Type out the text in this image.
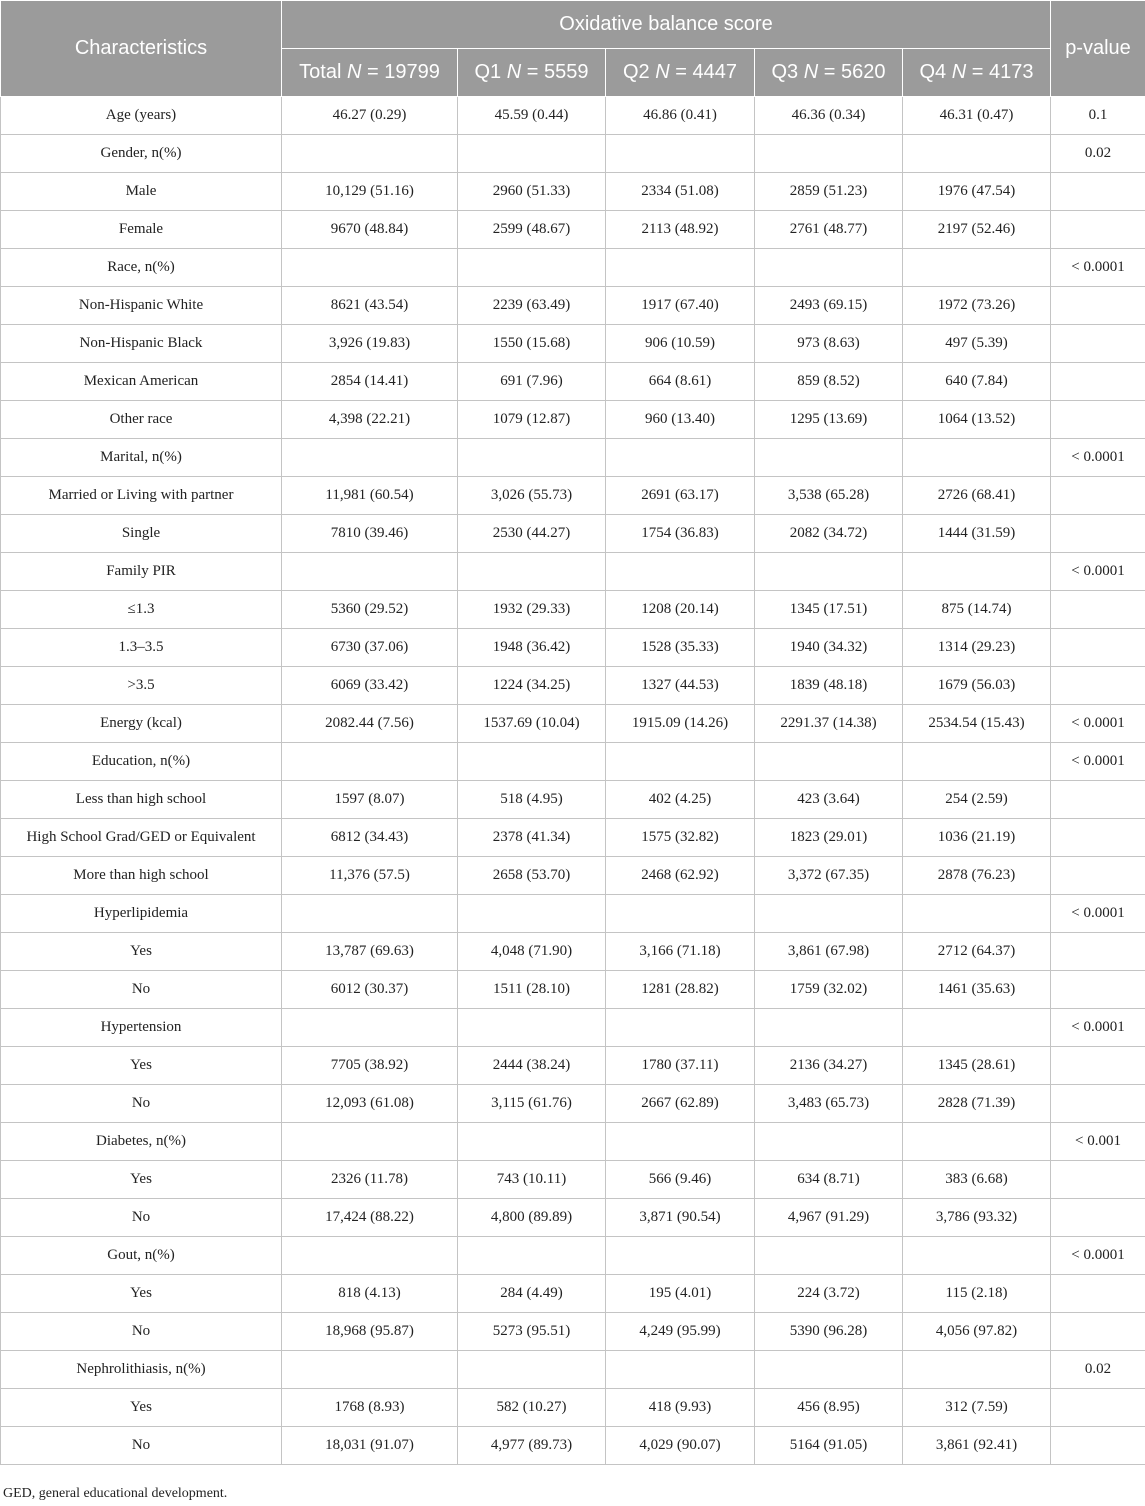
Characteristics	Oxidative balance score					p-value
	Total N = 19799	Q1 N = 5559	Q2 N = 4447	Q3 N = 5620	Q4 N = 4173	
Age (years)	46.27 (0.29)	45.59 (0.44)	46.86 (0.41)	46.36 (0.34)	46.31 (0.47)	0.1
Gender, n(%)						0.02
Male	10,129 (51.16)	2960 (51.33)	2334 (51.08)	2859 (51.23)	1976 (47.54)	
Female	9670 (48.84)	2599 (48.67)	2113 (48.92)	2761 (48.77)	2197 (52.46)	
Race, n(%)						< 0.0001
Non-Hispanic White	8621 (43.54)	2239 (63.49)	1917 (67.40)	2493 (69.15)	1972 (73.26)	
Non-Hispanic Black	3,926 (19.83)	1550 (15.68)	906 (10.59)	973 (8.63)	497 (5.39)	
Mexican American	2854 (14.41)	691 (7.96)	664 (8.61)	859 (8.52)	640 (7.84)	
Other race	4,398 (22.21)	1079 (12.87)	960 (13.40)	1295 (13.69)	1064 (13.52)	
Marital, n(%)						< 0.0001
Married or Living with partner	11,981 (60.54)	3,026 (55.73)	2691 (63.17)	3,538 (65.28)	2726 (68.41)	
Single	7810 (39.46)	2530 (44.27)	1754 (36.83)	2082 (34.72)	1444 (31.59)	
Family PIR						< 0.0001
≤1.3	5360 (29.52)	1932 (29.33)	1208 (20.14)	1345 (17.51)	875 (14.74)	
1.3–3.5	6730 (37.06)	1948 (36.42)	1528 (35.33)	1940 (34.32)	1314 (29.23)	
>3.5	6069 (33.42)	1224 (34.25)	1327 (44.53)	1839 (48.18)	1679 (56.03)	
Energy (kcal)	2082.44 (7.56)	1537.69 (10.04)	1915.09 (14.26)	2291.37 (14.38)	2534.54 (15.43)	< 0.0001
Education, n(%)						< 0.0001
Less than high school	1597 (8.07)	518 (4.95)	402 (4.25)	423 (3.64)	254 (2.59)	
High School Grad/GED or Equivalent	6812 (34.43)	2378 (41.34)	1575 (32.82)	1823 (29.01)	1036 (21.19)	
More than high school	11,376 (57.5)	2658 (53.70)	2468 (62.92)	3,372 (67.35)	2878 (76.23)	
Hyperlipidemia						< 0.0001
Yes	13,787 (69.63)	4,048 (71.90)	3,166 (71.18)	3,861 (67.98)	2712 (64.37)	
No	6012 (30.37)	1511 (28.10)	1281 (28.82)	1759 (32.02)	1461 (35.63)	
Hypertension						< 0.0001
Yes	7705 (38.92)	2444 (38.24)	1780 (37.11)	2136 (34.27)	1345 (28.61)	
No	12,093 (61.08)	3,115 (61.76)	2667 (62.89)	3,483 (65.73)	2828 (71.39)	
Diabetes, n(%)						< 0.001
Yes	2326 (11.78)	743 (10.11)	566 (9.46)	634 (8.71)	383 (6.68)	
No	17,424 (88.22)	4,800 (89.89)	3,871 (90.54)	4,967 (91.29)	3,786 (93.32)	
Gout, n(%)						< 0.0001
Yes	818 (4.13)	284 (4.49)	195 (4.01)	224 (3.72)	115 (2.18)	
No	18,968 (95.87)	5273 (95.51)	4,249 (95.99)	5390 (96.28)	4,056 (97.82)	
Nephrolithiasis, n(%)						0.02
Yes	1768 (8.93)	582 (10.27)	418 (9.93)	456 (8.95)	312 (7.59)	
No	18,031 (91.07)	4,977 (89.73)	4,029 (90.07)	5164 (91.05)	3,861 (92.41)	
GED, general educational development.
